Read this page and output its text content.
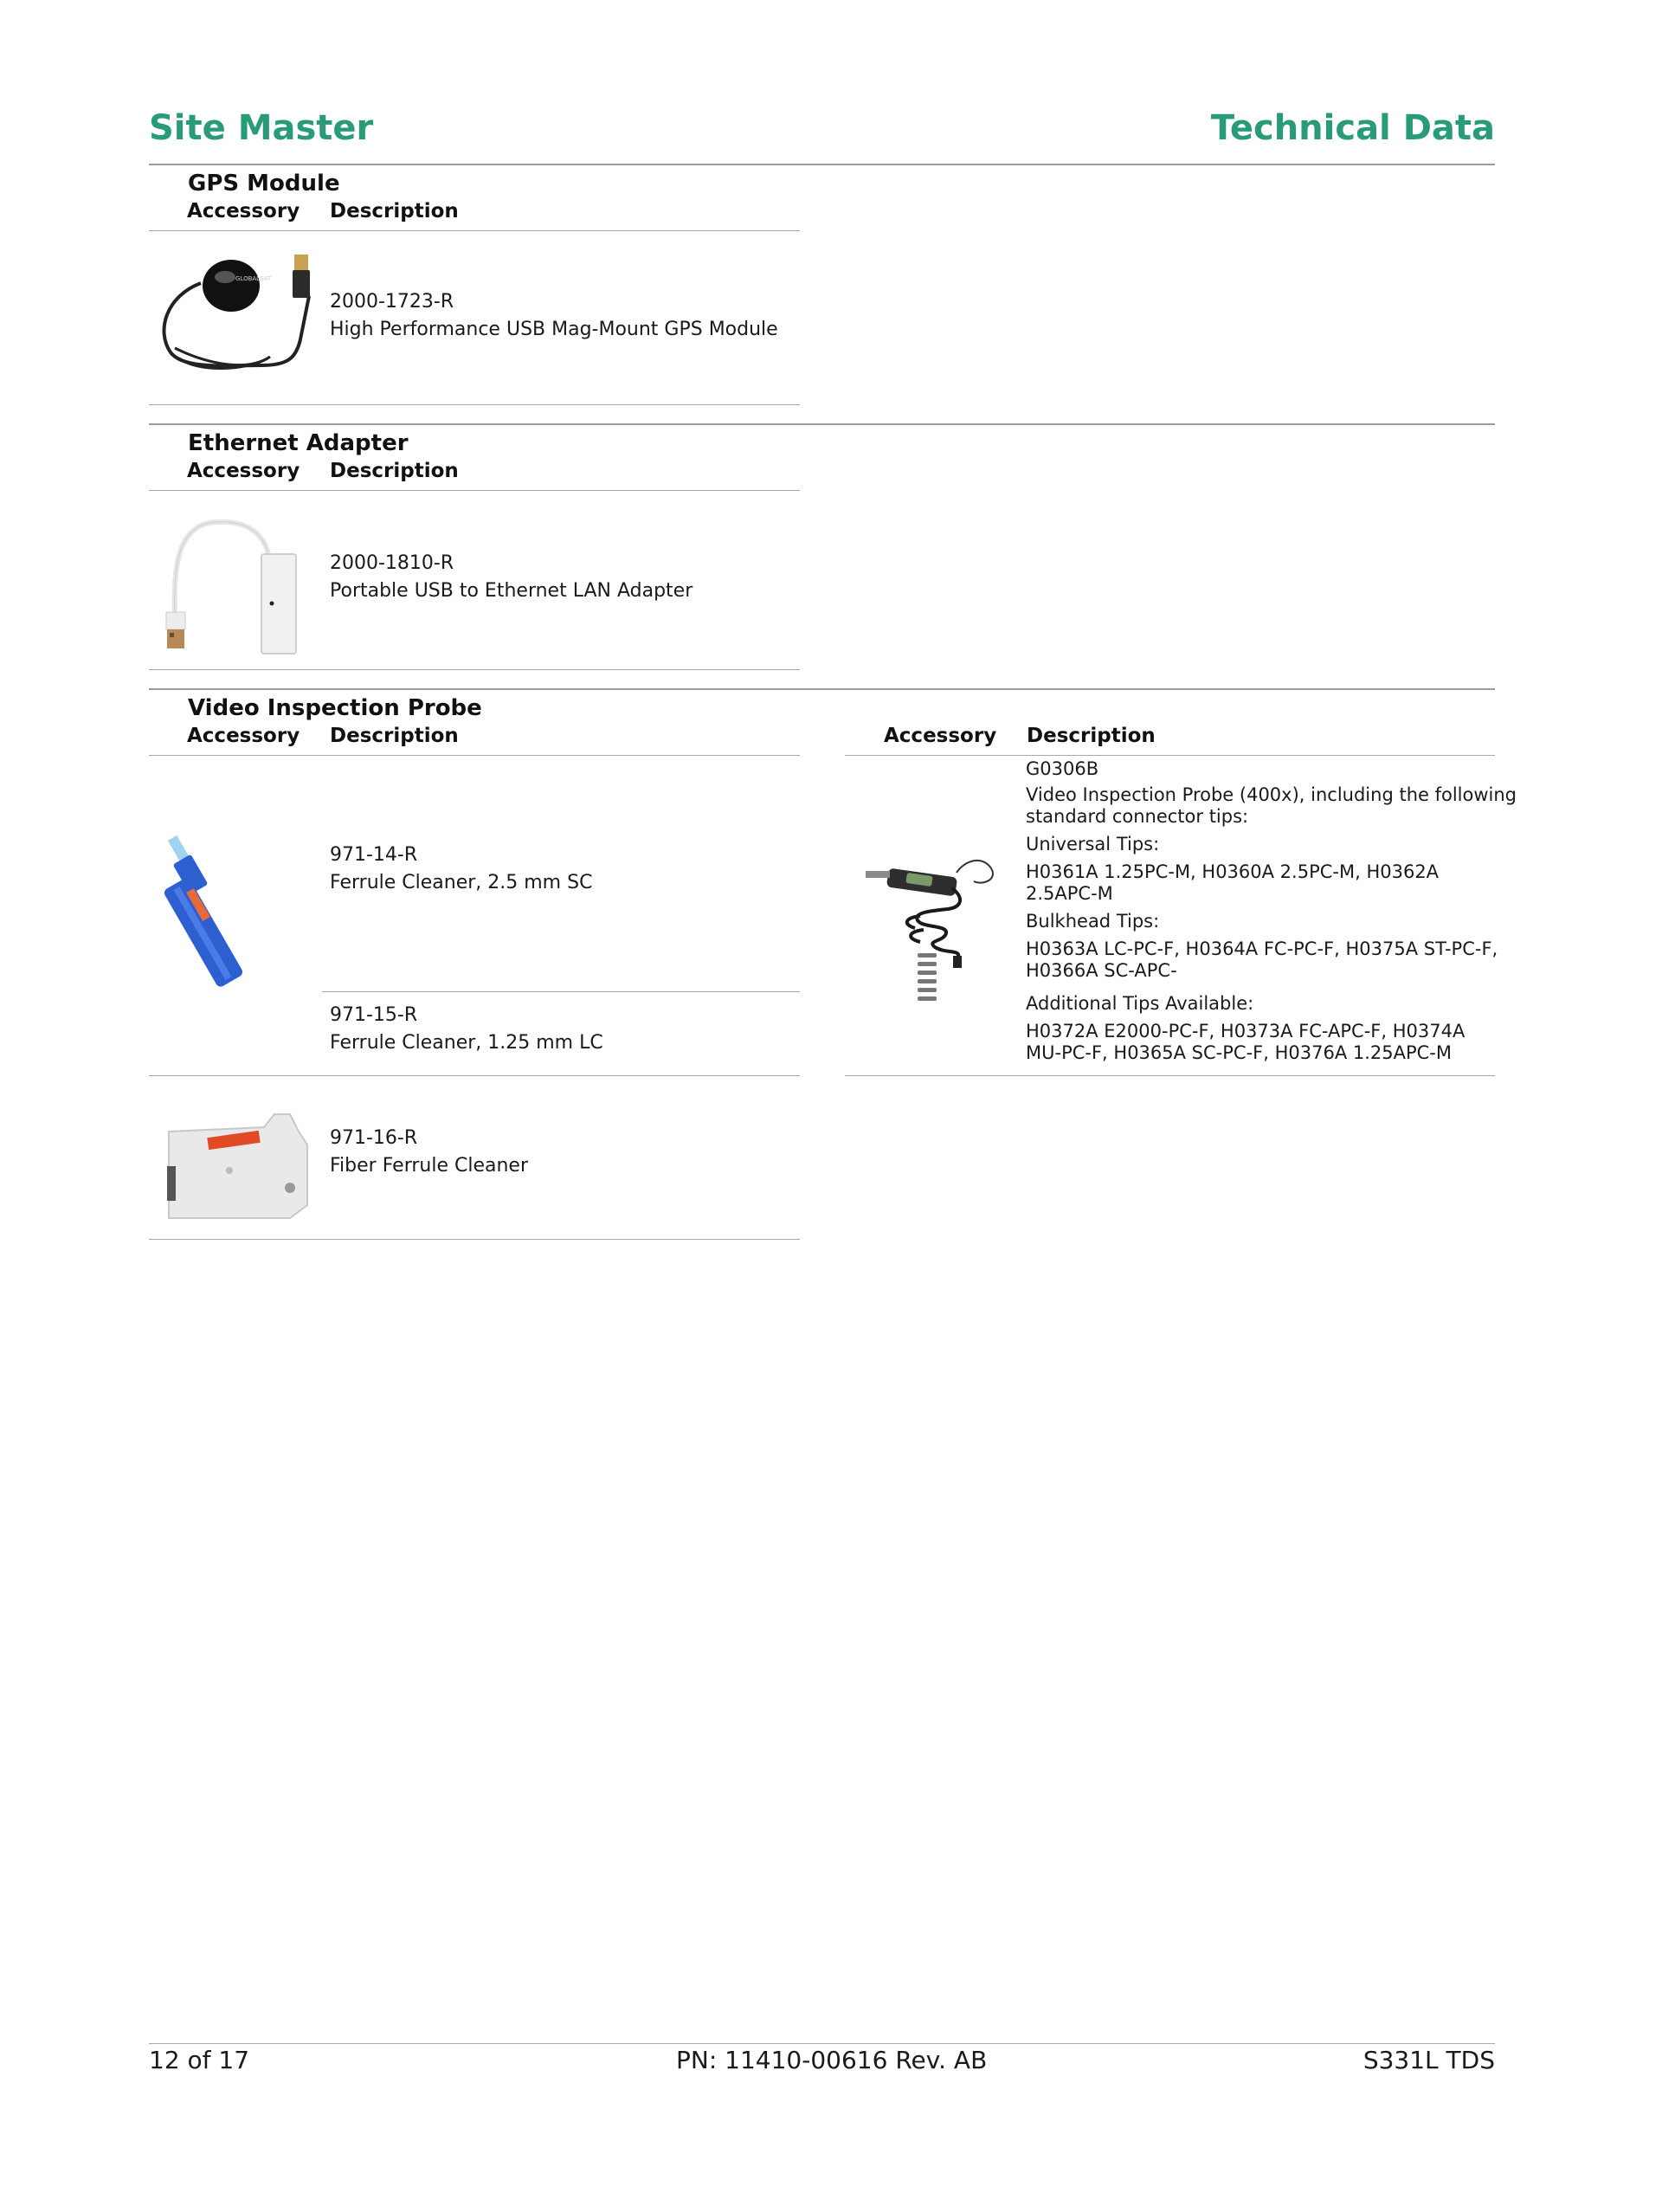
Site Master	Technical Data
GPS Module
Accessory Description
GLOBALSAT
2000-1723-R
High Performance USB Mag-Mount GPS Module
Ethernet Adapter
Accessory Description
2000-1810-R
Portable USB to Ethernet LAN Adapter
Video Inspection Probe
Accessory Description
971-14-R
Ferrule Cleaner, 2.5 mm SC
971-15-R
Ferrule Cleaner, 1.25 mm LC
971-16-R
Fiber Ferrule Cleaner
Accessory Description
G0306B
Video Inspection Probe (400x), including the following
standard connector tips:
Universal Tips:
H0361A 1.25PC-M, H0360A 2.5PC-M, H0362A
2.5APC-M
Bulkhead Tips:
H0363A LC-PC-F, H0364A FC-PC-F, H0375A ST-PC-F,
H0366A SC-APC-
Additional Tips Available:
H0372A E2000-PC-F, H0373A FC-APC-F, H0374A
MU-PC-F, H0365A SC-PC-F, H0376A 1.25APC-M
12 of 17	PN: 11410-00616 Rev. AB	S331L TDS
